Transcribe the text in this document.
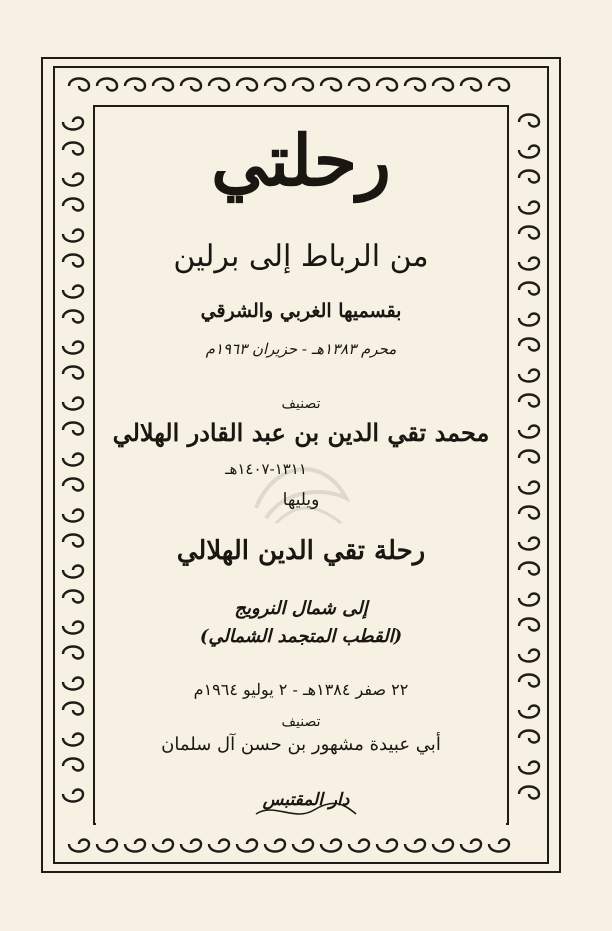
رحلتي
من الرباط إلى برلين
بقسميها الغربي والشرقي
محرم ١٣٨٣هـ - حزيران ١٩٦٣م
تصنيف
محمد تقي الدين بن عبد القادر الهلالي
١٣١١-١٤٠٧هـ
ويليها
رحلة تقي الدين الهلالي
إلى شمال النرويج
(القطب المتجمد الشمالي)
٢٢ صفر ١٣٨٤هـ - ٢ يوليو ١٩٦٤م
تصنيف
أبي عبيدة مشهور بن حسن آل سلمان
دار المقتبس
